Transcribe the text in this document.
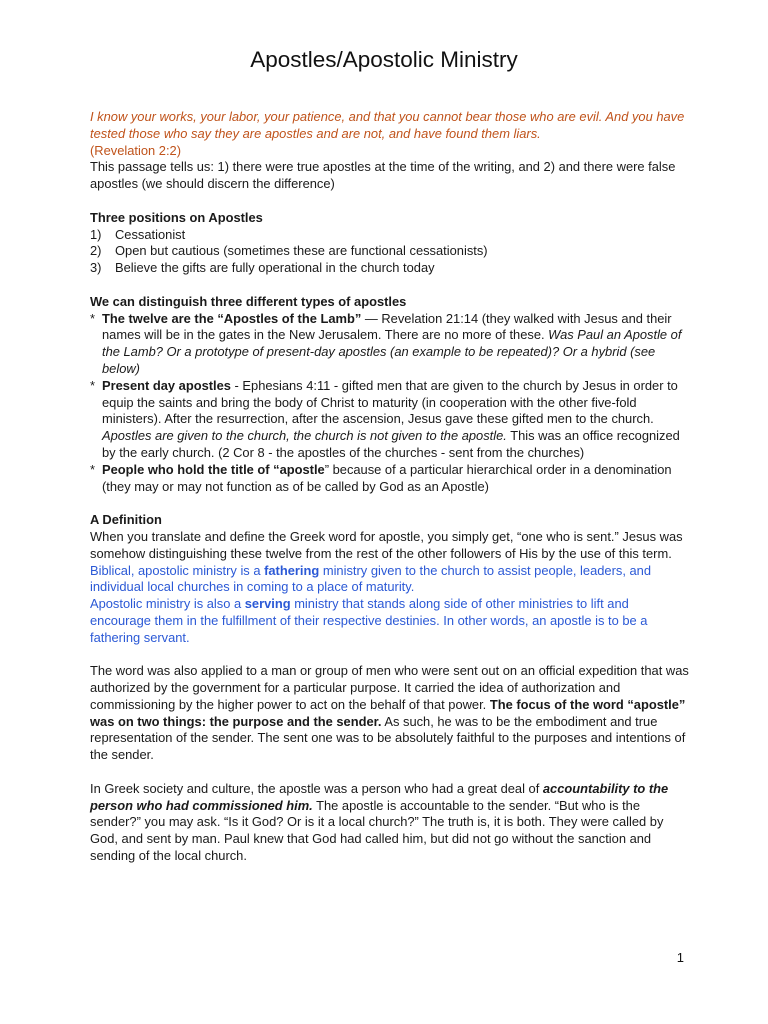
Apostles/Apostolic Ministry

I know your works, your labor, your patience, and that you cannot bear those who are evil. And you have tested those who say they are apostles and are not, and have found them liars.
(Revelation 2:2)

This passage tells us: 1) there were true apostles at the time of the writing, and 2) and there were false apostles (we should discern the difference)

Three positions on Apostles

1)	Cessationist
2)	Open but cautious (sometimes these are functional cessationists)
3)	Believe the gifts are fully operational in the church today

We can distinguish three different types of apostles

* The twelve are the “Apostles of the Lamb” — Revelation 21:14 (they walked with Jesus and their names will be in the gates in the New Jerusalem. There are no more of these. Was Paul an Apostle of the Lamb? Or a prototype of present-day apostles (an example to be repeated)? Or a hybrid (see below)
* Present day apostles - Ephesians 4:11 - gifted men that are given to the church by Jesus in order to equip the saints and bring the body of Christ to maturity (in cooperation with the other five-fold ministers). After the resurrection, after the ascension, Jesus gave these gifted men to the church. Apostles are given to the church, the church is not given to the apostle. This was an office recognized by the early church. (2 Cor 8 - the apostles of the churches - sent from the churches)
* People who hold the title of “apostle” because of a particular hierarchical order in a denomination (they may or may not function as of be called by God as an Apostle)

A Definition

When you translate and define the Greek word for apostle, you simply get, “one who is sent.” Jesus was somehow distinguishing these twelve from the rest of the other followers of His by the use of this term.

Biblical, apostolic ministry is a fathering ministry given to the church to assist people, leaders, and individual local churches in coming to a place of maturity.

Apostolic ministry is also a serving ministry that stands along side of other ministries to lift and encourage them in the fulfillment of their respective destinies. In other words, an apostle is to be a fathering servant.

The word was also applied to a man or group of men who were sent out on an official expedition that was authorized by the government for a particular purpose. It carried the idea of authorization and commissioning by the higher power to act on the behalf of that power. The focus of the word “apostle” was on two things: the purpose and the sender. As such, he was to be the embodiment and true representation of the sender. The sent one was to be absolutely faithful to the purposes and intentions of the sender.

In Greek society and culture, the apostle was a person who had a great deal of accountability to the person who had commissioned him. The apostle is accountable to the sender. “But who is the sender?” you may ask. “Is it God? Or is it a local church?” The truth is, it is both. They were called by God, and sent by man. Paul knew that God had called him, but did not go without the sanction and sending of the local church.

1
